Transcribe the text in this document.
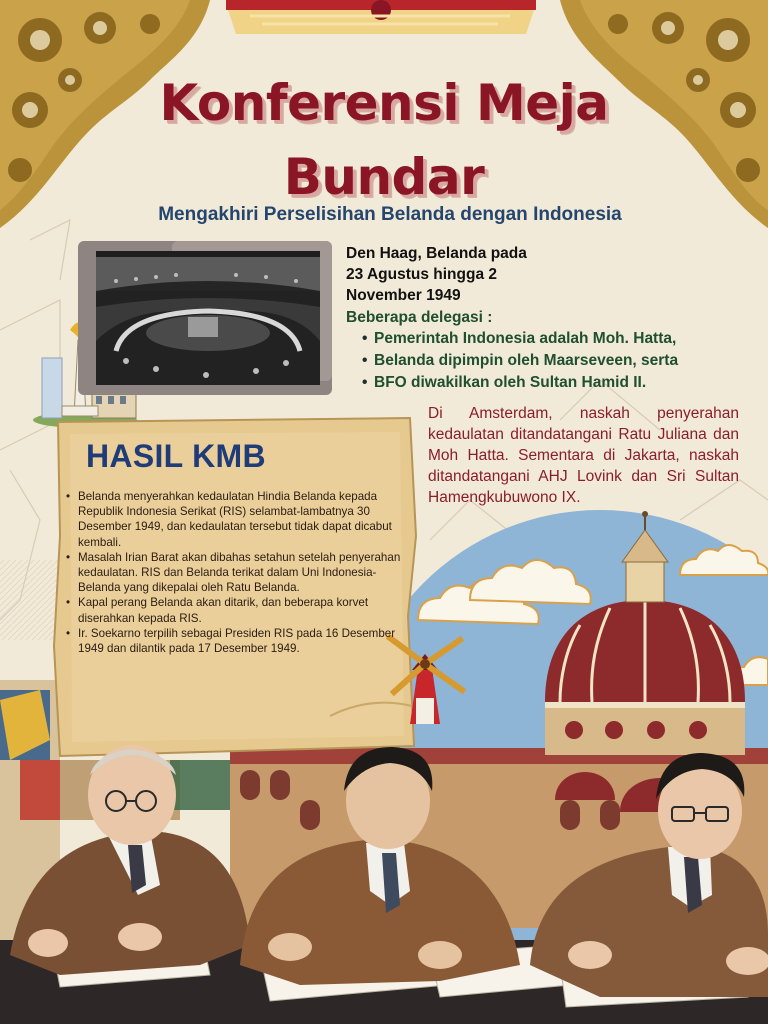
Konferensi Meja
Bundar
Mengakhiri Perselisihan Belanda dengan Indonesia
Den Haag, Belanda pada
23 Agustus hingga 2
November 1949
Beberapa delegasi :
• Pemerintah Indonesia adalah Moh. Hatta,
• Belanda dipimpin oleh Maarseveen, serta
• BFO diwakilkan oleh Sultan Hamid II.
Di Amsterdam, naskah penyerahan kedaulatan ditandatangani Ratu Juliana dan Moh Hatta. Sementara di Jakarta, naskah ditandatangani AHJ Lovink dan Sri Sultan Hamengkubuwono IX.
HASIL KMB
• Belanda menyerahkan kedaulatan Hindia Belanda kepada Republik Indonesia Serikat (RIS) selambat-lambatnya 30 Desember 1949, dan kedaulatan tersebut tidak dapat dicabut kembali.
• Masalah Irian Barat akan dibahas setahun setelah penyerahan kedaulatan. RIS dan Belanda terikat dalam Uni Indonesia-Belanda yang dikepalai oleh Ratu Belanda.
• Kapal perang Belanda akan ditarik, dan beberapa korvet diserahkan kepada RIS.
• Ir. Soekarno terpilih sebagai Presiden RIS pada 16 Desember 1949 dan dilantik pada 17 Desember 1949.
